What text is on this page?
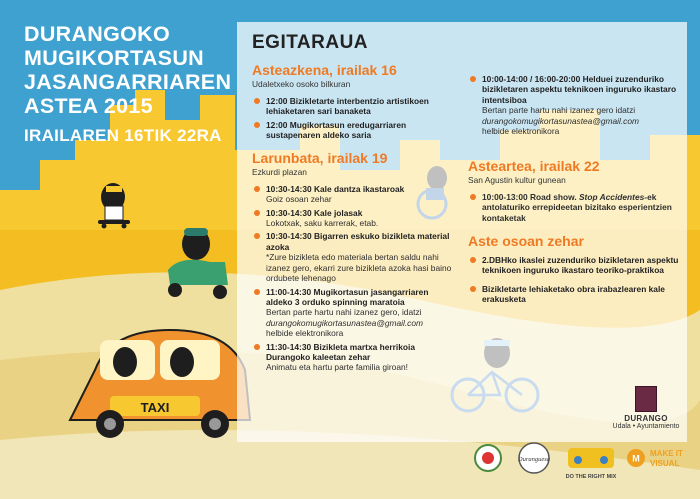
TAXI
DURANGOKO
MUGIKORTASUN
JASANGARRIAREN
ASTEA 2015
IRAILAREN 16TIK 22RA
EGITARAUA
Asteazkena, irailak 16
Udaletxeko osoko bilkuran
12:00 Bizikletarte interbentzio artistikoen lehiaketaren sari banaketa
12:00 Mugikortasun eredugarriaren sustapenaren aldeko saria
Larunbata, irailak 19
Ezkurdi plazan
10:30-14:30 Kale dantza ikastaroak
Goiz osoan zehar
10:30-14:30 Kale jolasak
Lokotxak, saku karrerak, etab.
10:30-14:30 Bigarren eskuko bizikleta material azoka
*Zure bizikleta edo materiala bertan saldu nahi izanez gero, ekarri zure bizikleta azoka hasi baino ordubete lehenago
11:00-14:30 Mugikortasun jasangarriaren aldeko 3 orduko spinning maratoia
Bertan parte hartu nahi izanez gero, idatzi
durangokomugikortasunastea@gmail.com
helbide elektronikora
11:30-14:30 Bizikleta martxa herrikoia Durangoko kaleetan zehar
Animatu eta hartu parte familia giroan!
10:00-14:00 / 16:00-20:00 Helduei zuzenduriko bizikletaren aspektu teknikoen inguruko ikastaro intentsiboa
Bertan parte hartu nahi izanez gero idatzi
durangokomugikortasunastea@gmail.com
helbide elektronikora
Asteartea, irailak 22
San Agustin kultur gunean
10:00-13:00 Road show. Stop Accidentes-ek antolaturiko errepideetan bizitako esperientzien kontaketak
Aste osoan zehar
2.DBHko ikaslei zuzenduriko bizikletaren aspektu teknikoen inguruko ikastaro teoriko-praktikoa
Bizikletarte lehiaketako obra irabazlearen kale erakusketa
DURANGO
Udala • Ayuntamiento
Duranguesa
DO THE RIGHT MIX
M MAKE IT
VISUAL
